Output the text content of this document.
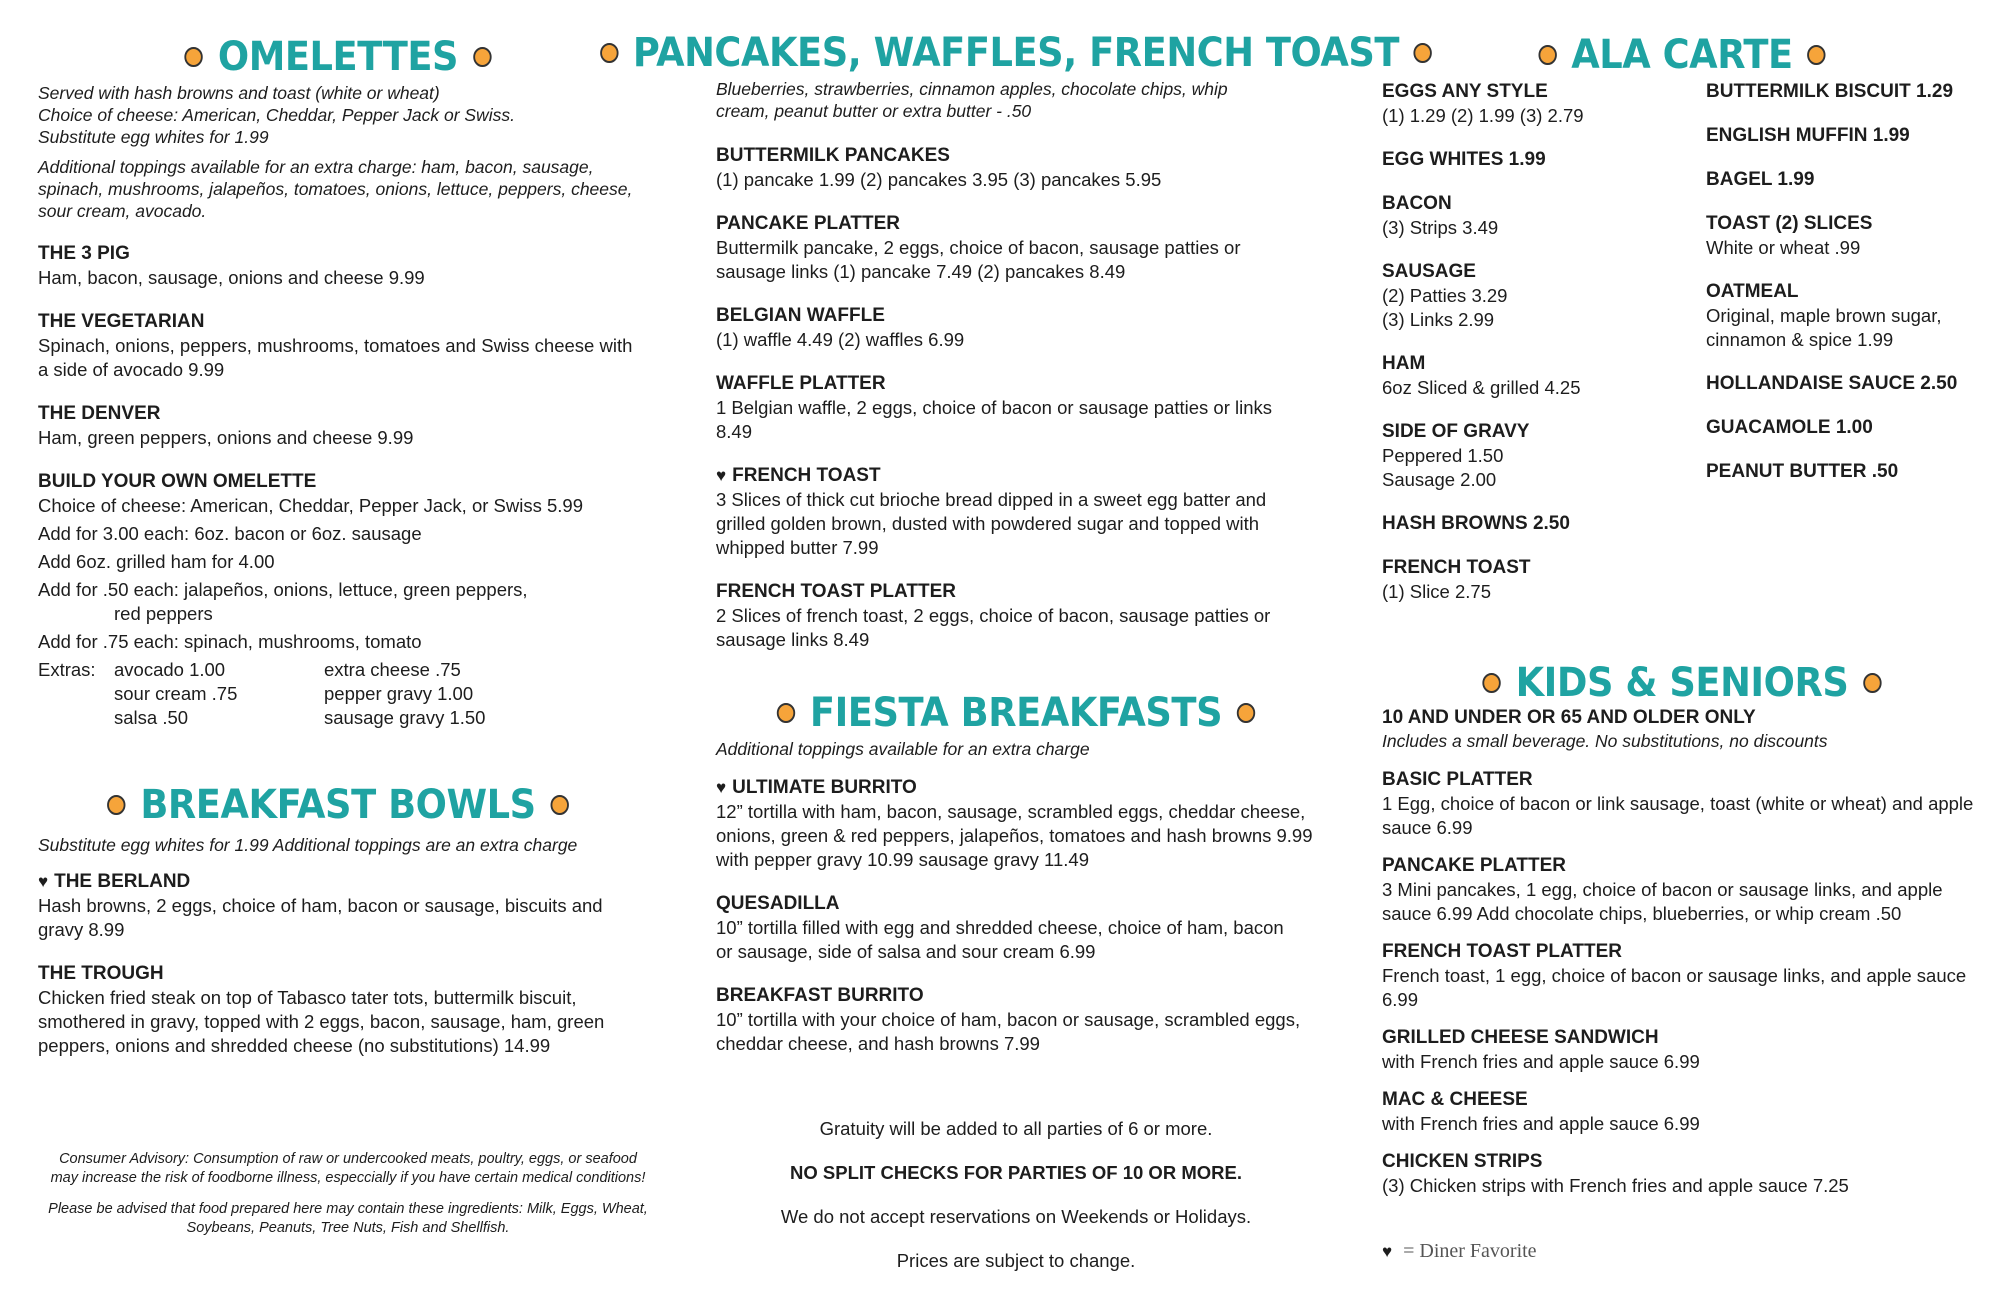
OMELETTES

Served with hash browns and toast (white or wheat)

Choice of cheese: American, Cheddar, Pepper Jack or Swiss.

Substitute egg whites for 1.99

Additional toppings available for an extra charge: ham, bacon, sausage, spinach, mushrooms, jalapeños, tomatoes, onions, lettuce, peppers, cheese, sour cream, avocado.

THE 3 PIG
Ham, bacon, sausage, onions and cheese 9.99
THE VEGETARIAN
Spinach, onions, peppers, mushrooms, tomatoes and Swiss cheese with a side of avocado 9.99
THE DENVER
Ham, green peppers, onions and cheese 9.99
BUILD YOUR OWN OMELETTE
Choice of cheese: American, Cheddar, Pepper Jack, or Swiss 5.99
Add for 3.00 each: 6oz. bacon or 6oz. sausage
Add 6oz. grilled ham for 4.00
Add for .50 each: jalapeños, onions, lettuce, green peppers,
red peppers
Add for .75 each: spinach, mushrooms, tomato
Extras: avocado 1.00	extra cheese .75
sour cream .75	pepper gravy 1.00
salsa .50	sausage gravy 1.50
BREAKFAST BOWLS

Substitute egg whites for 1.99 Additional toppings are an extra charge

♥ THE BERLAND
Hash browns, 2 eggs, choice of ham, bacon or sausage, biscuits and gravy 8.99
THE TROUGH
Chicken fried steak on top of Tabasco tater tots, buttermilk biscuit, smothered in gravy, topped with 2 eggs, bacon, sausage, ham, green peppers, onions and shredded cheese (no substitutions) 14.99

Consumer Advisory: Consumption of raw or undercooked meats, poultry, eggs, or seafood may increase the risk of foodborne illness, especcially if you have certain medical conditions!

Please be advised that food prepared here may contain these ingredients: Milk, Eggs, Wheat, Soybeans, Peanuts, Tree Nuts, Fish and Shellfish.

PANCAKES, WAFFLES, FRENCH TOAST

Blueberries, strawberries, cinnamon apples, chocolate chips, whip cream, peanut butter or extra butter - .50

BUTTERMILK PANCAKES
(1) pancake 1.99 (2) pancakes 3.95 (3) pancakes 5.95
PANCAKE PLATTER
Buttermilk pancake, 2 eggs, choice of bacon, sausage patties or sausage links (1) pancake 7.49 (2) pancakes 8.49
BELGIAN WAFFLE
(1) waffle 4.49 (2) waffles 6.99
WAFFLE PLATTER
1 Belgian waffle, 2 eggs, choice of bacon or sausage patties or links 8.49
♥ FRENCH TOAST
3 Slices of thick cut brioche bread dipped in a sweet egg batter and grilled golden brown, dusted with powdered sugar and topped with whipped butter 7.99
FRENCH TOAST PLATTER
2 Slices of french toast, 2 eggs, choice of bacon, sausage patties or sausage links 8.49
FIESTA BREAKFASTS

Additional toppings available for an extra charge

♥ ULTIMATE BURRITO
12” tortilla with ham, bacon, sausage, scrambled eggs, cheddar cheese, onions, green & red peppers, jalapeños, tomatoes and hash browns 9.99 with pepper gravy 10.99 sausage gravy 11.49
QUESADILLA
10” tortilla filled with egg and shredded cheese, choice of ham, bacon or sausage, side of salsa and sour cream 6.99
BREAKFAST BURRITO
10” tortilla with your choice of ham, bacon or sausage, scrambled eggs, cheddar cheese, and hash browns 7.99

Gratuity will be added to all parties of 6 or more.

NO SPLIT CHECKS FOR PARTIES OF 10 OR MORE.

We do not accept reservations on Weekends or Holidays.

Prices are subject to change.

ALA CARTE
EGGS ANY STYLE
(1) 1.29 (2) 1.99 (3) 2.79
EGG WHITES 1.99
BACON
(3) Strips 3.49
SAUSAGE
(2) Patties 3.29
(3) Links 2.99
HAM
6oz Sliced & grilled 4.25
SIDE OF GRAVY
Peppered 1.50
Sausage 2.00
HASH BROWNS 2.50
FRENCH TOAST
(1) Slice 2.75
BUTTERMILK BISCUIT 1.29
ENGLISH MUFFIN 1.99
BAGEL 1.99
TOAST (2) SLICES
White or wheat .99
OATMEAL
Original, maple brown sugar, cinnamon & spice 1.99
HOLLANDAISE SAUCE 2.50
GUACAMOLE 1.00
PEANUT BUTTER .50
KIDS & SENIORS
10 AND UNDER OR 65 AND OLDER ONLY

Includes a small beverage. No substitutions, no discounts

BASIC PLATTER
1 Egg, choice of bacon or link sausage, toast (white or wheat) and apple sauce 6.99
PANCAKE PLATTER
3 Mini pancakes, 1 egg, choice of bacon or sausage links, and apple sauce 6.99 Add chocolate chips, blueberries, or whip cream .50
FRENCH TOAST PLATTER
French toast, 1 egg, choice of bacon or sausage links, and apple sauce 6.99
GRILLED CHEESE SANDWICH
with French fries and apple sauce 6.99
MAC & CHEESE
with French fries and apple sauce 6.99
CHICKEN STRIPS
(3) Chicken strips with French fries and apple sauce 7.25
♥ = Diner Favorite
